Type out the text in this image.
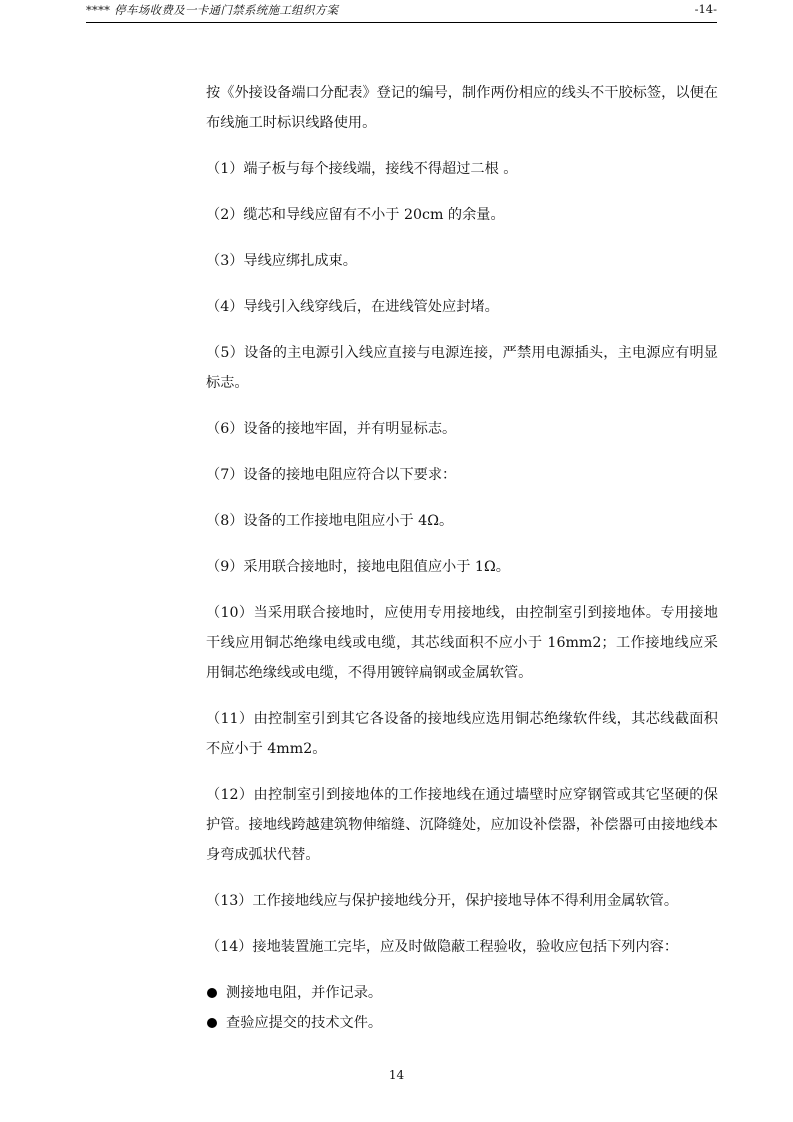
**** 停车场收费及一卡通门禁系统施工组织方案	-14-

按《外接设备端口分配表》登记的编号，制作两份相应的线头不干胶标签，以便在布线施工时标识线路使用。

（1）端子板与每个接线端，接线不得超过二根 。

（2）缆芯和导线应留有不小于 20cm 的余量。

（3）导线应绑扎成束。

（4）导线引入线穿线后，在进线管处应封堵。

（5）设备的主电源引入线应直接与电源连接，严禁用电源插头，主电源应有明显标志。

（6）设备的接地牢固，并有明显标志。

（7）设备的接地电阻应符合以下要求：

（8）设备的工作接地电阻应小于 4Ω。

（9）采用联合接地时，接地电阻值应小于 1Ω。

（10）当采用联合接地时，应使用专用接地线，由控制室引到接地体。专用接地干线应用铜芯绝缘电线或电缆，其芯线面积不应小于 16mm2；工作接地线应采用铜芯绝缘线或电缆，不得用镀锌扁钢或金属软管。

（11）由控制室引到其它各设备的接地线应选用铜芯绝缘软件线，其芯线截面积不应小于 4mm2。

（12）由控制室引到接地体的工作接地线在通过墙壁时应穿钢管或其它坚硬的保护管。接地线跨越建筑物伸缩缝、沉降缝处，应加设补偿器，补偿器可由接地线本身弯成弧状代替。

（13）工作接地线应与保护接地线分开，保护接地导体不得利用金属软管。

（14）接地装置施工完毕，应及时做隐蔽工程验收，验收应包括下列内容：

测接地电阻，并作记录。
查验应提交的技术文件。
14
